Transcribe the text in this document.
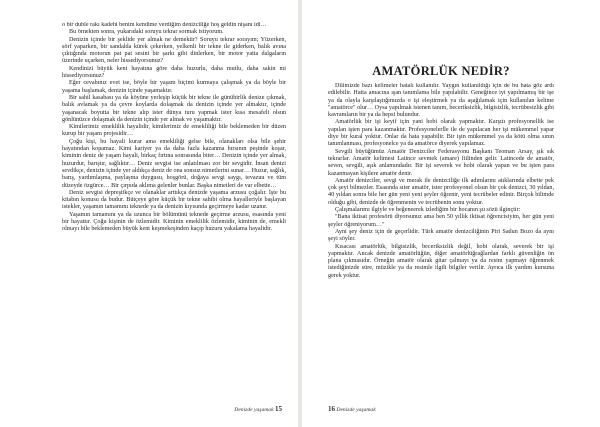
o bir duble rakı kadehi benim kendime verdiğim denizciliğe hoş geldin nişanı idi…

Bu örnekten sonra, yukarıdaki soruyu tekrar sormak istiyorum.

Denizin içinde bir şeklide yer almak ne demektir? Soruyu tekrar sorayım; Yüzerken, sörf yaparken, bir sandalda kürek çekerken, yelkenli bir tekne ile giderken, balık avına çıktığında motorun pat pat sesini bir şarkı gibi dinlerken, bir motor yatta dalgaların üzerinde uçarken, neler hissediyorsunuz?

Kendinizi büyük kent hayatına göre daha huzurlu, daha mutlu, daha sakin mi hissediyorsunuz?

Eğer cevabınız evet ise, böyle bir yaşam biçimi kurmaya çalışmak ya da böyle bir yaşama başlamak, denizin içinde yaşamaktır.

Bir sahil kasabası ya da köyüne yerleşip küçük bir tekne ile günübirlik denize çıkmak, balık avlamak ya da çevre koylarda dolaşmak da denizin içinde yer almaktır, içinde yaşanacak boyutta bir tekne alıp ister dünya turu yapmak ister kısa mesafeli olsun gönlünüzce dolaşmak da denizin içinde yer almak ve yaşamaktır.

Kimilerimiz emeklilik hayalidir, kimilerimiz de emekliliği bile beklemeden bir düzen kurup bir yaşam projesidir…

Çoğu kişi, bu hayali kurar ama emekliliği gelse bile, olanakları olsa bile şehir hayatından kopamaz. Kimi kariyer ya da daha fazla kazanma hırsının peşinde koşar, kiminin deniz de yaşam hayali, birkaç fırtına sonrasında biter… Denizin içinde yer almak, huzurdur, barıştır, sağlıktır… Deniz sevgisi ise anlatılması zor bir sevgidir. İnsan denizi sevdikçe, denizin içinde yer aldıkça deniz de ona sonsuz nimetlerini sunar… Huzur, sağlık, barış, yardımlaşma, paylaşma duygusu, hoşgörü, doğaya sevgi saygı, tevazuu ve tüm düzeyde özgürce… Bir çırpıda aklıma gelenler bunlar. Başka nimetleri de var elbette…

Deniz sevgisi depreştikçe ve olanaklar arttıkça denizde yaşama arzusu çoğalır. İşte bu kitabın konusu da budur. Bütçeye göre küçük bir tekne sahibi olma hayalleriyle başlayan istekler, yaşamın tamamını teknede ya da denizin kıyısında geçirmeye kadar uzanır.

Yaşamın tamamını ya da uzunca bir bölümünü teknede geçirme arzusu, esasında yeni bir hayattır. Çoğu kişinin de özlemidir. Kiminin emeklilik özlemidir, kiminin de, emekli olmayı bile beklemeden büyük kent keşmekeşinden kaçıp huzuru yakalama hayalidir.

Denizde yaşamak 15
AMATÖRLÜK NEDİR?

Dilimizde bazı kelimeler hatalı kullanılır. Yaygın kullanıldığı için de bu hata göz ardı edilebilir. Hatta amacına ışan tanımlama bile yapılabilir. Geneğince iyi yapılmamış bir işe ya da olayla karşılaştığımızda o işi eleştirmek ya da aşağılamak için kullanılan kelime "amatörce" olur… Oysa yapılmak istenen tanım, beceriksizlik, bilgisizlik, tecrübesizlik gibi kavramların bir ya da hepsi bulundur.

Amatörlük bir işi keyif için yani hobi olarak yapmaktır. Karşıtı profesyonellik ise yapılan işten para kazanmaktır. Profesyonelerlle ile de yapılacan her işi mükemmel yapar diye bir kural yoktur. Onlar da hata yapabilir. Bir işin mükemmel ya da kötü olma sının tanımlanması, profesyonelce ya da amatörce diyerek yapılamaz.

Sevgili büyüğümüz Amatör Denizciler Federasyonu Başkanı Teoman Arsay, şık sık tekrarlar. Amatör kelimesi Latince sevmek (amare) fiilinden gelir. Latincede de amatör, seven, sevgili, aşık anlamındadır. Bir işi severek ve hobi olarak yapan ve bu işten para kazanmayan kişilere amatör denir.

Amatör denizciler, sevgi ve merak ile denizciliğe ilk adımlarını atıklarında elbette pek çok şeyi bilmezler. Esasında sıter amatör, ister profesyonel olsun bir çok denizci, 30 yıldan, 40 yıldan sonra bile her gün yeni yeni şeyler öğrenir, yeni tecrübeler edinir. Birçok bilimde olduğu gibi, denizde de öğrenmenin ve tecrübenin sonu yoktur.

Çalışmalarımı ilgiyle ve beğeneerek izlediğim bir hocanın şu sözü ilginçtir:

"Bana iktisat profesörü diyorsunuz ama ben 50 yıllık iktisat öğrencisiyim, her gün yeni şeyler öğreniyorum…"

Ayni şey deniz için de geçerlidir. Türk amatör denizciliğinin Piri Sadun Bozo da aynı şeyi söyler.

Kısacası amatörlük, bilgisizlik, beceriksizlik değil, hobi olarak, severek bir işi yapmaktır. Ancak denizde amatörlüğün, diğer amatörlüğrağlardan farklı güvenliğin ön plana çıkmasıdır. Örneğin amatör olarak gitar çalmayı ya da resim yapmayı öğrenmek istediğinizde süre, müzikle ya da resimle ilgili bilgiler verilir. Ayrıca ilk yardım kursuna gerek yoktur.

16 Denizde yaşamak
